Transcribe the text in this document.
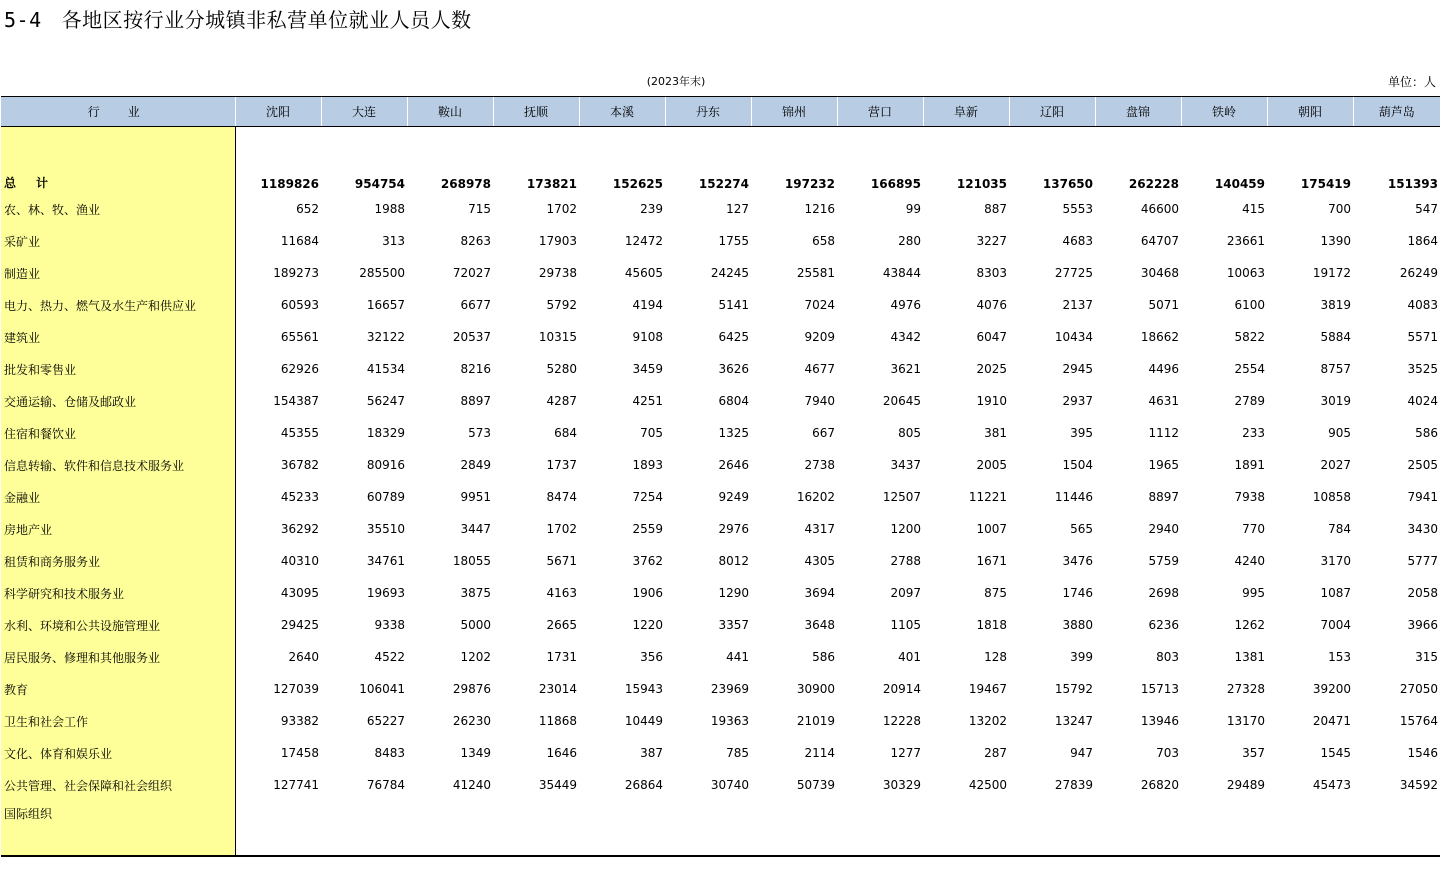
5-4 各地区按行业分城镇非私营单位就业人员人数
(2023年末)	单位：人
行业	沈阳	大连	鞍山	抚顺	本溪	丹东	锦州	营口	阜新	辽阳	盘锦	铁岭	朝阳	葫芦岛

总计	1189826	954754	268978	173821	152625	152274	197232	166895	121035	137650	262228	140459	175419	151393
农、林、牧、渔业	652	1988	715	1702	239	127	1216	99	887	5553	46600	415	700	547
采矿业	11684	313	8263	17903	12472	1755	658	280	3227	4683	64707	23661	1390	1864
制造业	189273	285500	72027	29738	45605	24245	25581	43844	8303	27725	30468	10063	19172	26249
电力、热力、燃气及水生产和供应业	60593	16657	6677	5792	4194	5141	7024	4976	4076	2137	5071	6100	3819	4083
建筑业	65561	32122	20537	10315	9108	6425	9209	4342	6047	10434	18662	5822	5884	5571
批发和零售业	62926	41534	8216	5280	3459	3626	4677	3621	2025	2945	4496	2554	8757	3525
交通运输、仓储及邮政业	154387	56247	8897	4287	4251	6804	7940	20645	1910	2937	4631	2789	3019	4024
住宿和餐饮业	45355	18329	573	684	705	1325	667	805	381	395	1112	233	905	586
信息转输、软件和信息技术服务业	36782	80916	2849	1737	1893	2646	2738	3437	2005	1504	1965	1891	2027	2505
金融业	45233	60789	9951	8474	7254	9249	16202	12507	11221	11446	8897	7938	10858	7941
房地产业	36292	35510	3447	1702	2559	2976	4317	1200	1007	565	2940	770	784	3430
租赁和商务服务业	40310	34761	18055	5671	3762	8012	4305	2788	1671	3476	5759	4240	3170	5777
科学研究和技术服务业	43095	19693	3875	4163	1906	1290	3694	2097	875	1746	2698	995	1087	2058
水利、环境和公共设施管理业	29425	9338	5000	2665	1220	3357	3648	1105	1818	3880	6236	1262	7004	3966
居民服务、修理和其他服务业	2640	4522	1202	1731	356	441	586	401	128	399	803	1381	153	315
教育	127039	106041	29876	23014	15943	23969	30900	20914	19467	15792	15713	27328	39200	27050
卫生和社会工作	93382	65227	26230	11868	10449	19363	21019	12228	13202	13247	13946	13170	20471	15764
文化、体育和娱乐业	17458	8483	1349	1646	387	785	2114	1277	287	947	703	357	1545	1546
公共管理、社会保障和社会组织	127741	76784	41240	35449	26864	30740	50739	30329	42500	27839	26820	29489	45473	34592
国际组织														
